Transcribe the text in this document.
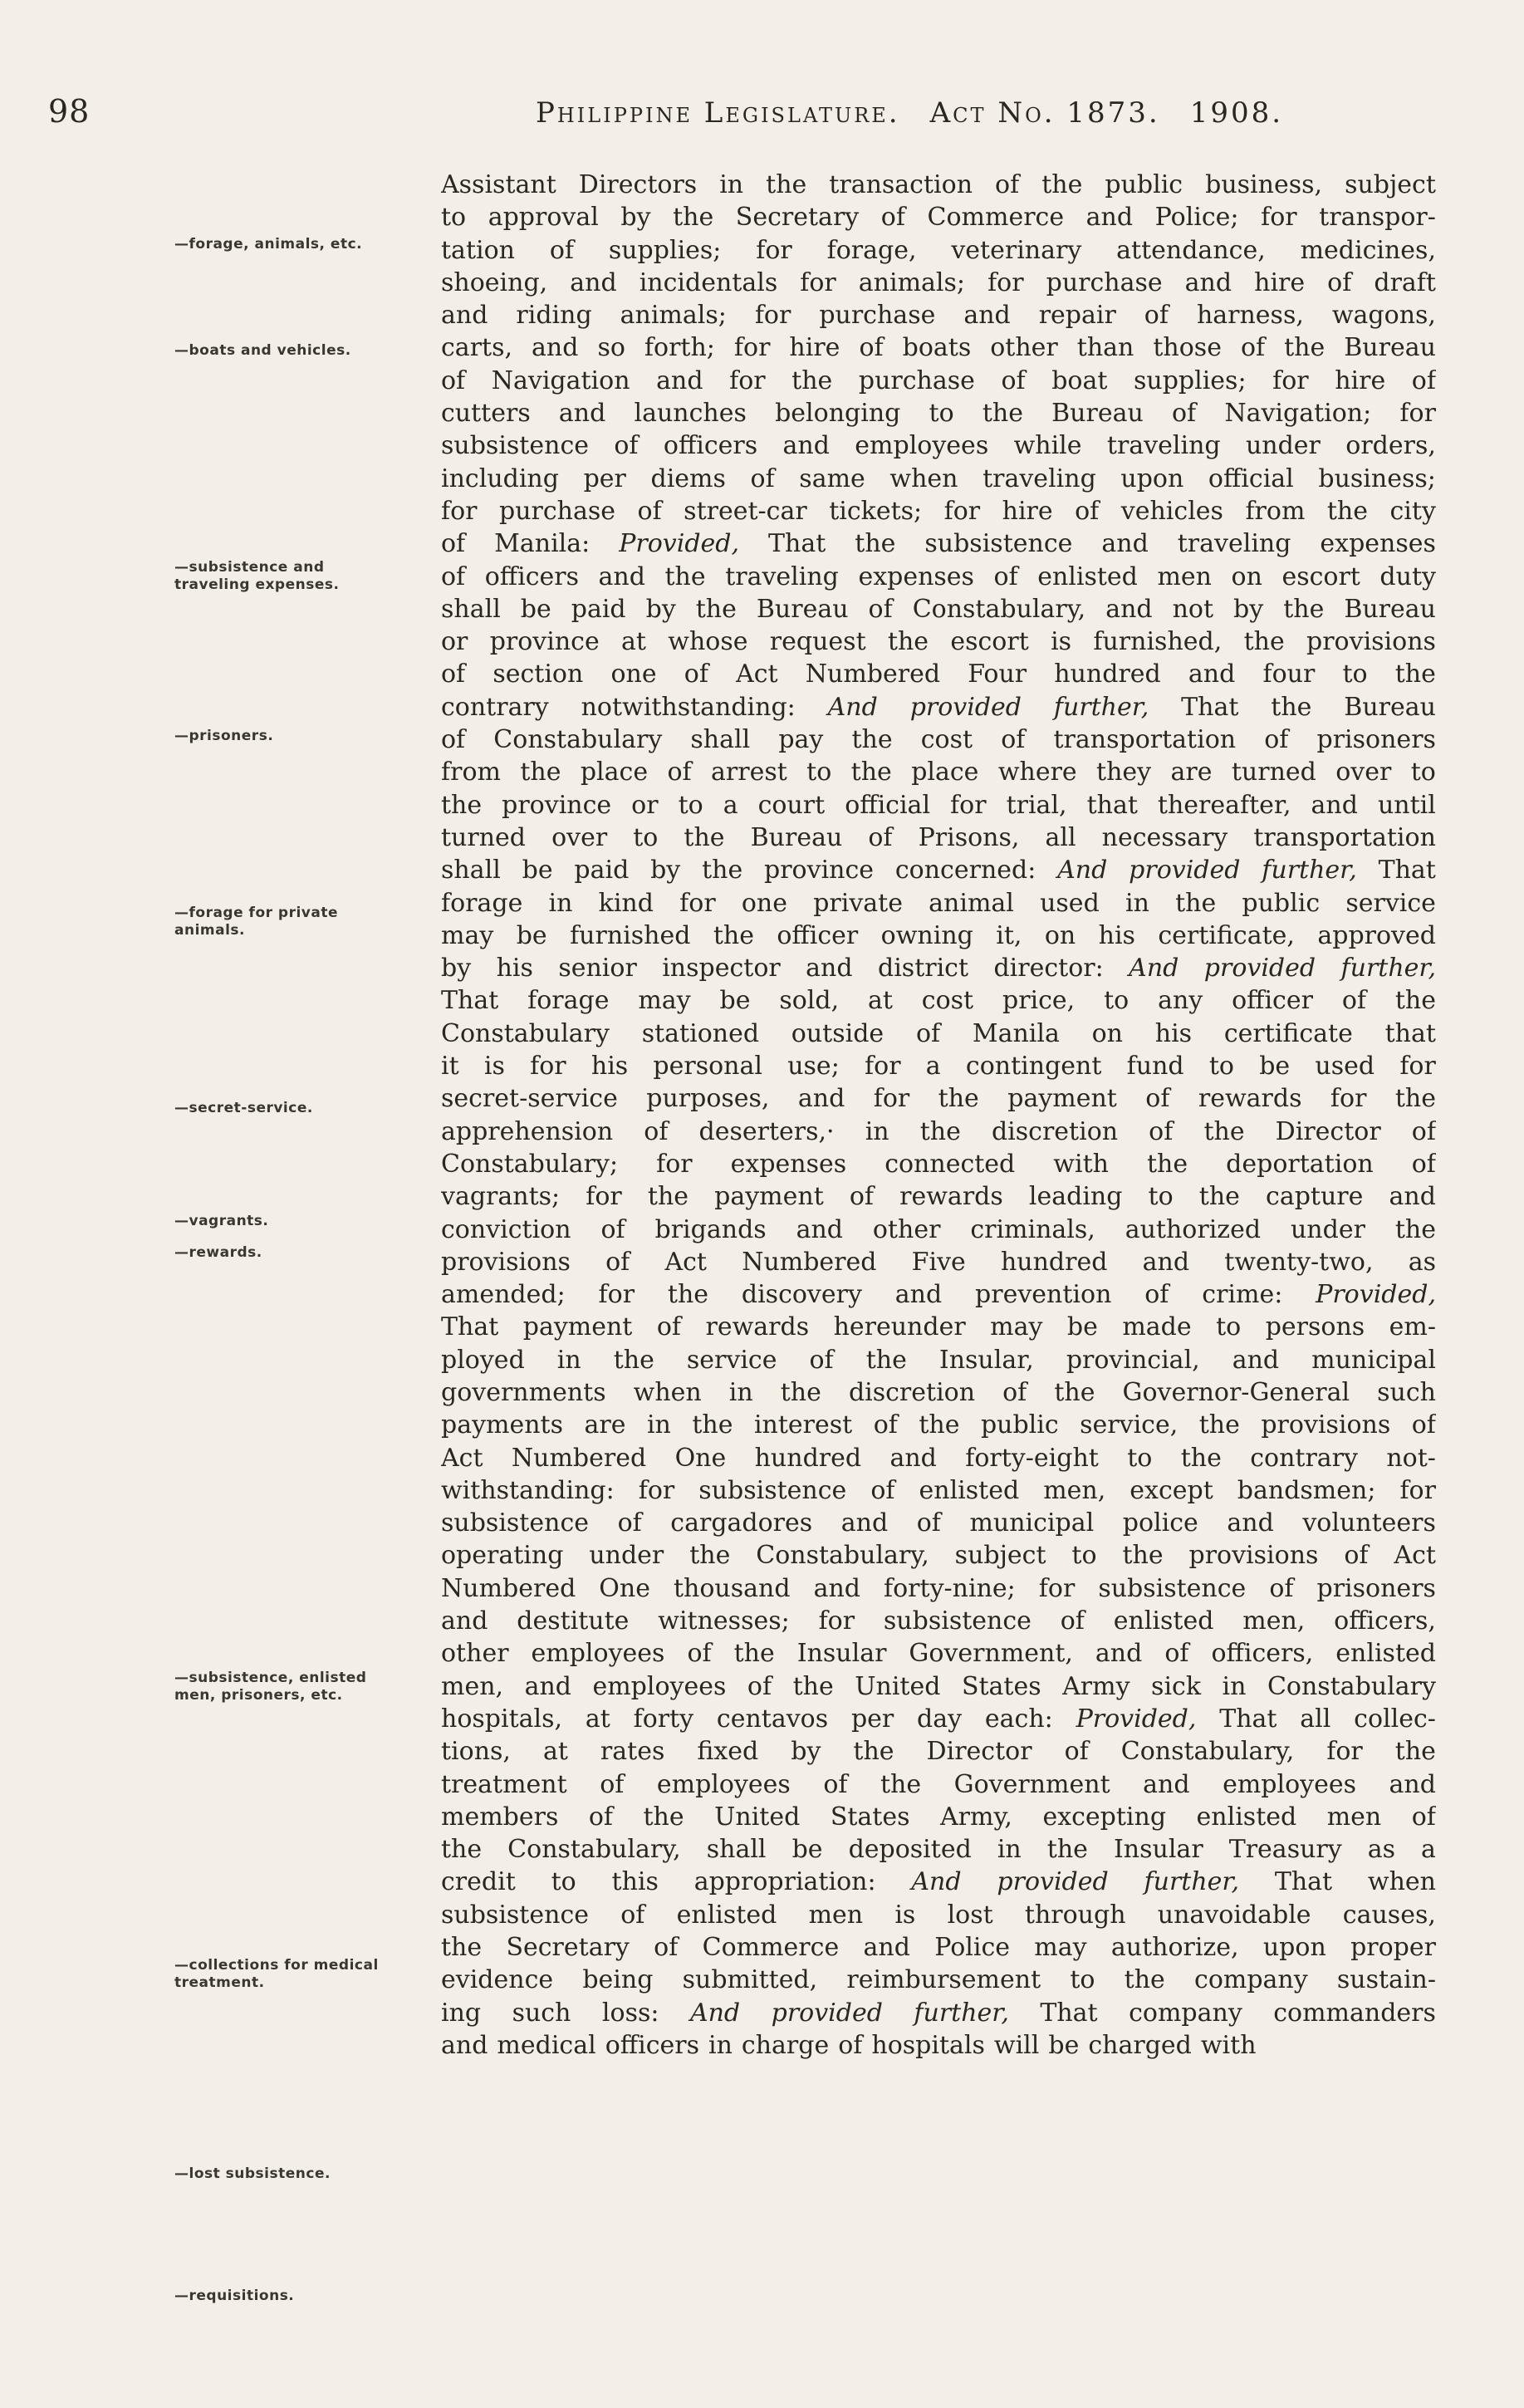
98	Philippine Legislature. Act No. 1873. 1908.
—forage, animals, etc.
—boats and vehicles.
—subsistence and traveling expenses.
—prisoners.
—forage for private animals.
—secret-service.
—vagrants.
—rewards.
—subsistence, enlisted men, prisoners, etc.
—collections for medical treatment.
—lost subsistence.
—requisitions.
Assistant Directors in the transaction of the public business, subject
to approval by the Secretary of Commerce and Police; for transpor-
tation of supplies; for forage, veterinary attendance, medicines,
shoeing, and incidentals for animals; for purchase and hire of draft
and riding animals; for purchase and repair of harness, wagons,
carts, and so forth; for hire of boats other than those of the Bureau
of Navigation and for the purchase of boat supplies; for hire of
cutters and launches belonging to the Bureau of Navigation; for
subsistence of officers and employees while traveling under orders,
including per diems of same when traveling upon official business;
for purchase of street-car tickets; for hire of vehicles from the city
of Manila: Provided, That the subsistence and traveling expenses
of officers and the traveling expenses of enlisted men on escort duty
shall be paid by the Bureau of Constabulary, and not by the Bureau
or province at whose request the escort is furnished, the provisions
of section one of Act Numbered Four hundred and four to the
contrary notwithstanding: And provided further, That the Bureau
of Constabulary shall pay the cost of transportation of prisoners
from the place of arrest to the place where they are turned over to
the province or to a court official for trial, that thereafter, and until
turned over to the Bureau of Prisons, all necessary transportation
shall be paid by the province concerned: And provided further, That
forage in kind for one private animal used in the public service
may be furnished the officer owning it, on his certificate, approved
by his senior inspector and district director: And provided further,
That forage may be sold, at cost price, to any officer of the
Constabulary stationed outside of Manila on his certificate that
it is for his personal use; for a contingent fund to be used for
secret-service purposes, and for the payment of rewards for the
apprehension of deserters,· in the discretion of the Director of
Constabulary; for expenses connected with the deportation of
vagrants; for the payment of rewards leading to the capture and
conviction of brigands and other criminals, authorized under the
provisions of Act Numbered Five hundred and twenty-two, as
amended; for the discovery and prevention of crime: Provided,
That payment of rewards hereunder may be made to persons em-
ployed in the service of the Insular, provincial, and municipal
governments when in the discretion of the Governor-General such
payments are in the interest of the public service, the provisions of
Act Numbered One hundred and forty-eight to the contrary not-
withstanding: for subsistence of enlisted men, except bandsmen; for
subsistence of cargadores and of municipal police and volunteers
operating under the Constabulary, subject to the provisions of Act
Numbered One thousand and forty-nine; for subsistence of prisoners
and destitute witnesses; for subsistence of enlisted men, officers,
other employees of the Insular Government, and of officers, enlisted
men, and employees of the United States Army sick in Constabulary
hospitals, at forty centavos per day each: Provided, That all collec-
tions, at rates fixed by the Director of Constabulary, for the
treatment of employees of the Government and employees and
members of the United States Army, excepting enlisted men of
the Constabulary, shall be deposited in the Insular Treasury as a
credit to this appropriation: And provided further, That when
subsistence of enlisted men is lost through unavoidable causes,
the Secretary of Commerce and Police may authorize, upon proper
evidence being submitted, reimbursement to the company sustain-
ing such loss: And provided further, That company commanders
and medical officers in charge of hospitals will be charged with
